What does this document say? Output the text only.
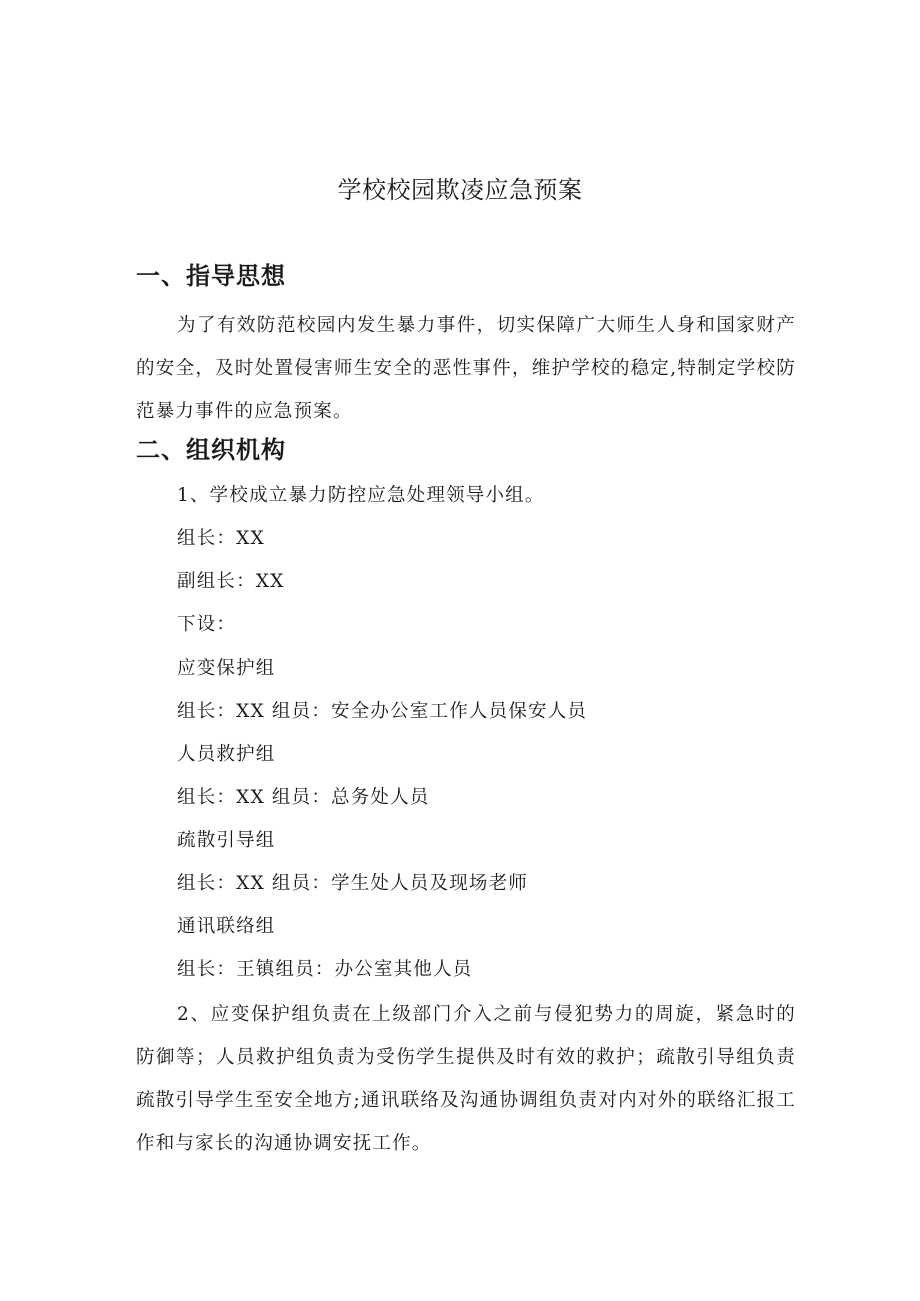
学校校园欺凌应急预案
一、指导思想
为了有效防范校园内发生暴力事件，切实保障广大师生人身和国家财产的安全，及时处置侵害师生安全的恶性事件，维护学校的稳定,特制定学校防范暴力事件的应急预案。
二、组织机构
1、学校成立暴力防控应急处理领导小组。
组长：XX
副组长：XX
下设：
应变保护组
组长：XX 组员：安全办公室工作人员保安人员
人员救护组
组长：XX 组员：总务处人员
疏散引导组
组长：XX 组员：学生处人员及现场老师
通讯联络组
组长：王镇组员：办公室其他人员
2、应变保护组负责在上级部门介入之前与侵犯势力的周旋，紧急时的防御等；人员救护组负责为受伤学生提供及时有效的救护；疏散引导组负责疏散引导学生至安全地方;通讯联络及沟通协调组负责对内对外的联络汇报工作和与家长的沟通协调安抚工作。
